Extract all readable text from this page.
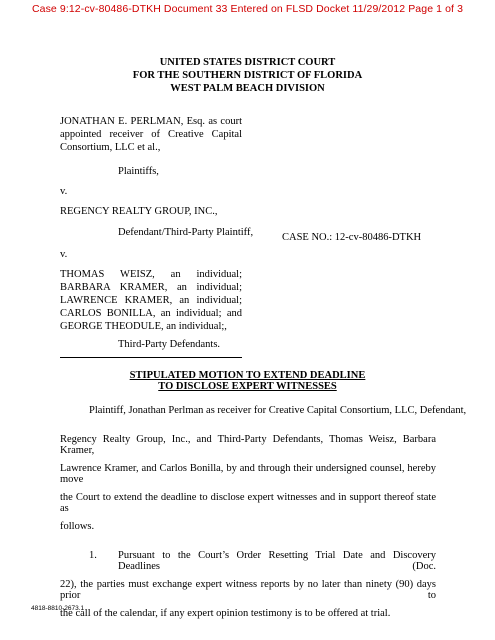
Case 9:12-cv-80486-DTKH Document 33 Entered on FLSD Docket 11/29/2012 Page 1 of 3
UNITED STATES DISTRICT COURT
FOR THE SOUTHERN DISTRICT OF FLORIDA
WEST PALM BEACH DIVISION
JONATHAN E. PERLMAN, Esq. as court appointed receiver of Creative Capital Consortium, LLC et al.,
Plaintiffs,
v.
REGENCY REALTY GROUP, INC.,
Defendant/Third-Party Plaintiff,
v.
THOMAS WEISZ, an individual; BARBARA KRAMER, an individual; LAWRENCE KRAMER, an individual; CARLOS BONILLA, an individual; and GEORGE THEODULE, an individual;,
Third-Party Defendants.
CASE NO.: 12-cv-80486-DTKH
STIPULATED MOTION TO EXTEND DEADLINE
TO DISCLOSE EXPERT WITNESSES
Plaintiff, Jonathan Perlman as receiver for Creative Capital Consortium, LLC, Defendant,
Regency Realty Group, Inc., and Third-Party Defendants, Thomas Weisz, Barbara Kramer,
Lawrence Kramer, and Carlos Bonilla, by and through their undersigned counsel, hereby move
the Court to extend the deadline to disclose expert witnesses and in support thereof state as
follows.
1.	Pursuant to the Court’s Order Resetting Trial Date and Discovery Deadlines (Doc.
22), the parties must exchange expert witness reports by no later than ninety (90) days prior to
the call of the calendar, if any expert opinion testimony is to be offered at trial.
4818-8810-2673.1
